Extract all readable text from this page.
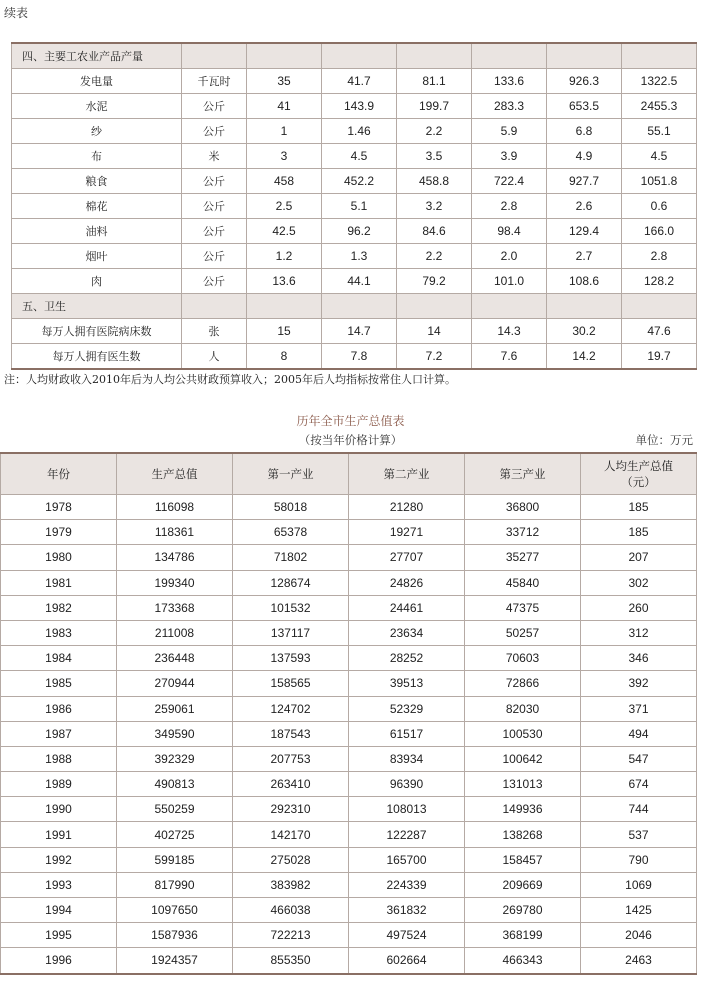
续表
四、主要工农业产品产量							
发电量	千瓦时	35	41.7	81.1	133.6	926.3	1322.5
水泥	公斤	41	143.9	199.7	283.3	653.5	2455.3
纱	公斤	1	1.46	2.2	5.9	6.8	55.1
布	米	3	4.5	3.5	3.9	4.9	4.5
粮食	公斤	458	452.2	458.8	722.4	927.7	1051.8
棉花	公斤	2.5	5.1	3.2	2.8	2.6	0.6
油料	公斤	42.5	96.2	84.6	98.4	129.4	166.0
烟叶	公斤	1.2	1.3	2.2	2.0	2.7	2.8
肉	公斤	13.6	44.1	79.2	101.0	108.6	128.2
五、卫生							
每万人拥有医院病床数	张	15	14.7	14	14.3	30.2	47.6
每万人拥有医生数	人	8	7.8	7.2	7.6	14.2	19.7
注：人均财政收入2010年后为人均公共财政预算收入；2005年后人均指标按常住人口计算。
历年全市生产总值表
（按当年价格计算）	单位：万元
年份	生产总值	第一产业	第二产业	第三产业	人均生产总值
（元）
1978	116098	58018	21280	36800	185
1979	118361	65378	19271	33712	185
1980	134786	71802	27707	35277	207
1981	199340	128674	24826	45840	302
1982	173368	101532	24461	47375	260
1983	211008	137117	23634	50257	312
1984	236448	137593	28252	70603	346
1985	270944	158565	39513	72866	392
1986	259061	124702	52329	82030	371
1987	349590	187543	61517	100530	494
1988	392329	207753	83934	100642	547
1989	490813	263410	96390	131013	674
1990	550259	292310	108013	149936	744
1991	402725	142170	122287	138268	537
1992	599185	275028	165700	158457	790
1993	817990	383982	224339	209669	1069
1994	1097650	466038	361832	269780	1425
1995	1587936	722213	497524	368199	2046
1996	1924357	855350	602664	466343	2463
